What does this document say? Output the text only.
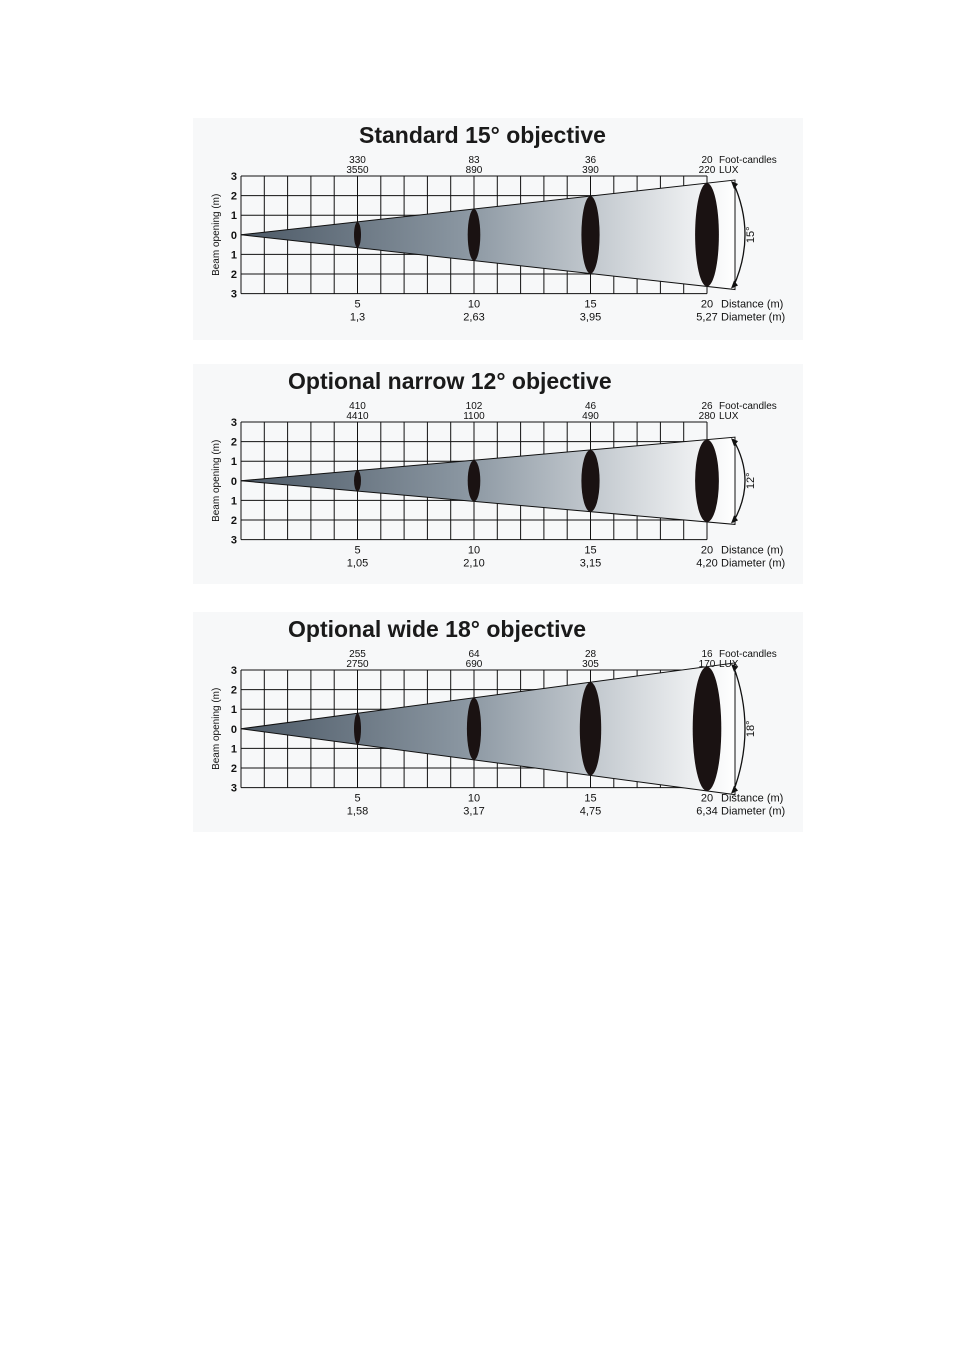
Standard 15° objective
15°
3
2
1
0
1
2
3
Beam opening (m)
330
3550
83
890
36
390
20
220
Foot-candles
LUX
5
1,3
10
2,63
15
3,95
20
5,27
Distance (m)
Diameter (m)
Optional narrow 12° objective
12°
3
2
1
0
1
2
3
Beam opening (m)
410
4410
102
1100
46
490
26
280
Foot-candles
LUX
5
1,05
10
2,10
15
3,15
20
4,20
Distance (m)
Diameter (m)
Optional wide 18° objective
18°
3
2
1
0
1
2
3
Beam opening (m)
255
2750
64
690
28
305
16
170
Foot-candles
LUX
5
1,58
10
3,17
15
4,75
20
6,34
Distance (m)
Diameter (m)
